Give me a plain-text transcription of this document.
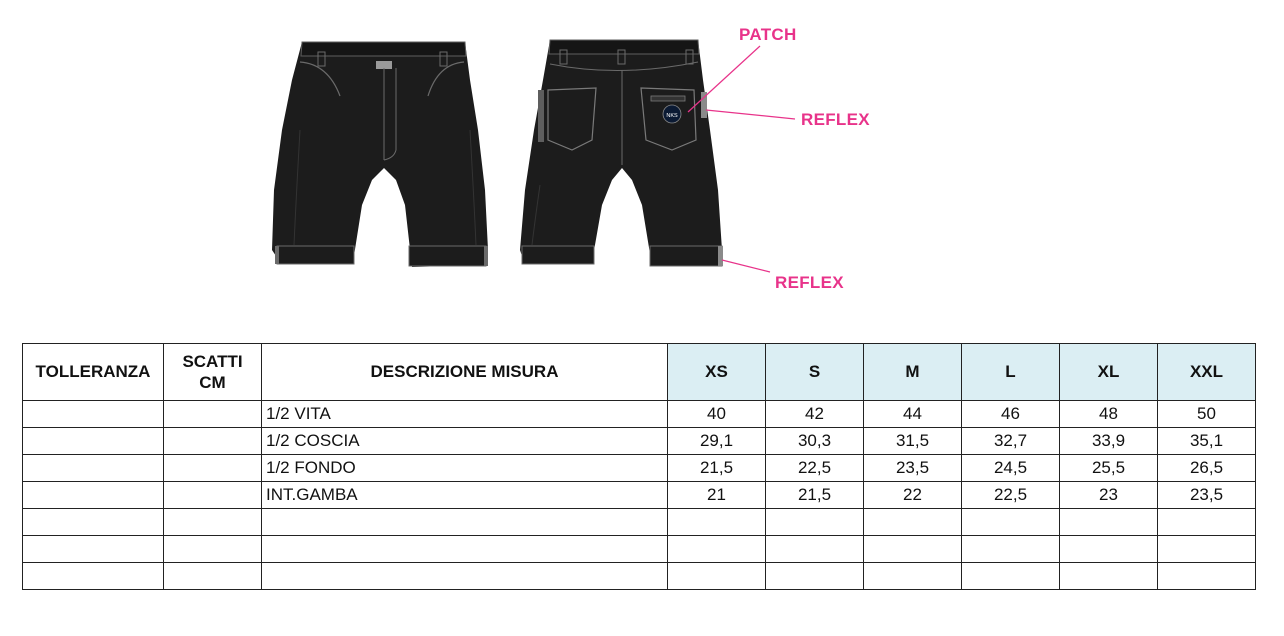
NKS
PATCH
REFLEX
REFLEX
TOLLERANZA	SCATTI CM	DESCRIZIONE MISURA	XS	S	M	L	XL	XXL
		1/2 VITA	40	42	44	46	48	50
		1/2 COSCIA	29,1	30,3	31,5	32,7	33,9	35,1
		1/2 FONDO	21,5	22,5	23,5	24,5	25,5	26,5
		INT.GAMBA	21	21,5	22	22,5	23	23,5
